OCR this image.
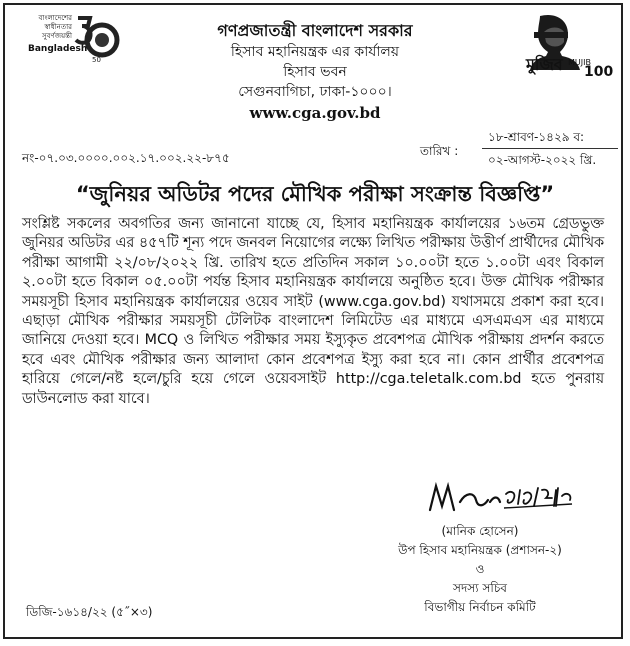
বাংলাদেশের স্বাধীনতার সুবর্ণজয়ন্তী
Bangladesh
50
গণপ্রজাতন্ত্রী বাংলাদেশ সরকার
হিসাব মহানিয়ন্ত্রক এর কার্যালয়
হিসাব ভবন
সেগুনবাগিচা, ঢাকা-১০০০।
www.cga.gov.bd
মুজিব MUJIB
100
নং-০৭.০৩.০০০০.০০২.১৭.০০২.২২-৮৭৫	তারিখ :
১৮-শ্রাবণ-১৪২৯ ব:
০২-আগস্ট-২০২২ খ্রি.
“জুনিয়র অডিটর পদের মৌখিক পরীক্ষা সংক্রান্ত বিজ্ঞপ্তি”
সংশ্লিষ্ট সকলের অবগতির জন্য জানানো যাচ্ছে যে, হিসাব মহানিয়ন্ত্রক কার্যালয়ের ১৬তম গ্রেডভুক্ত জুনিয়র অডিটর এর ৪৫৭টি শূন্য পদে জনবল নিয়োগের লক্ষ্যে লিখিত পরীক্ষায় উত্তীর্ণ প্রার্থীদের মৌখিক পরীক্ষা আগামী ২২/০৮/২০২২ খ্রি. তারিখ হতে প্রতিদিন সকাল ১০.০০টা হতে ১.০০টা এবং বিকাল ২.০০টা হতে বিকাল ০৫.০০টা পর্যন্ত হিসাব মহানিয়ন্ত্রক কার্যালয়ে অনুষ্ঠিত হবে। উক্ত মৌখিক পরীক্ষার সময়সূচী হিসাব মহানিয়ন্ত্রক কার্যালয়ের ওয়েব সাইট (www.cga.gov.bd) যথাসময়ে প্রকাশ করা হবে। এছাড়া মৌখিক পরীক্ষার সময়সূচী টেলিটক বাংলাদেশ লিমিটেড এর মাধ্যমে এসএমএস এর মাধ্যমে জানিয়ে দেওয়া হবে। MCQ ও লিখিত পরীক্ষার সময় ইস্যুকৃত প্রবেশপত্র মৌখিক পরীক্ষায় প্রদর্শন করতে হবে এবং মৌখিক পরীক্ষার জন্য আলাদা কোন প্রবেশপত্র ইস্যু করা হবে না। কোন প্রার্থীর প্রবেশপত্র হারিয়ে গেলে/নষ্ট হলে/চুরি হয়ে গেলে ওয়েবসাইট http://cga.teletalk.com.bd হতে পুনরায় ডাউনলোড করা যাবে।
(মানিক হোসেন)
উপ হিসাব মহানিয়ন্ত্রক (প্রশাসন-২)
ও
সদস্য সচিব
বিভাগীয় নির্বাচন কমিটি
ডিজি-১৬১৪/২২ (৫˝×৩)
